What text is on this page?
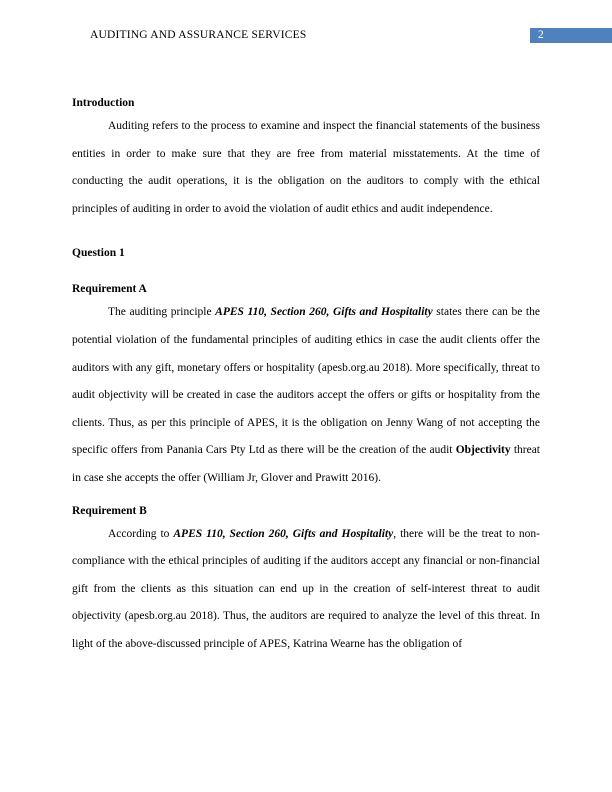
AUDITING AND ASSURANCE SERVICES	2
Introduction

Auditing refers to the process to examine and inspect the financial statements of the business entities in order to make sure that they are free from material misstatements. At the time of conducting the audit operations, it is the obligation on the auditors to comply with the ethical principles of auditing in order to avoid the violation of audit ethics and audit independence.

Question 1
Requirement A

The auditing principle APES 110, Section 260, Gifts and Hospitality states there can be the potential violation of the fundamental principles of auditing ethics in case the audit clients offer the auditors with any gift, monetary offers or hospitality (apesb.org.au 2018). More specifically, threat to audit objectivity will be created in case the auditors accept the offers or gifts or hospitality from the clients. Thus, as per this principle of APES, it is the obligation on Jenny Wang of not accepting the specific offers from Panania Cars Pty Ltd as there will be the creation of the audit Objectivity threat in case she accepts the offer (William Jr, Glover and Prawitt 2016).

Requirement B

According to APES 110, Section 260, Gifts and Hospitality, there will be the treat to non-compliance with the ethical principles of auditing if the auditors accept any financial or non-financial gift from the clients as this situation can end up in the creation of self-interest threat to audit objectivity (apesb.org.au 2018). Thus, the auditors are required to analyze the level of this threat. In light of the above-discussed principle of APES, Katrina Wearne has the obligation of
